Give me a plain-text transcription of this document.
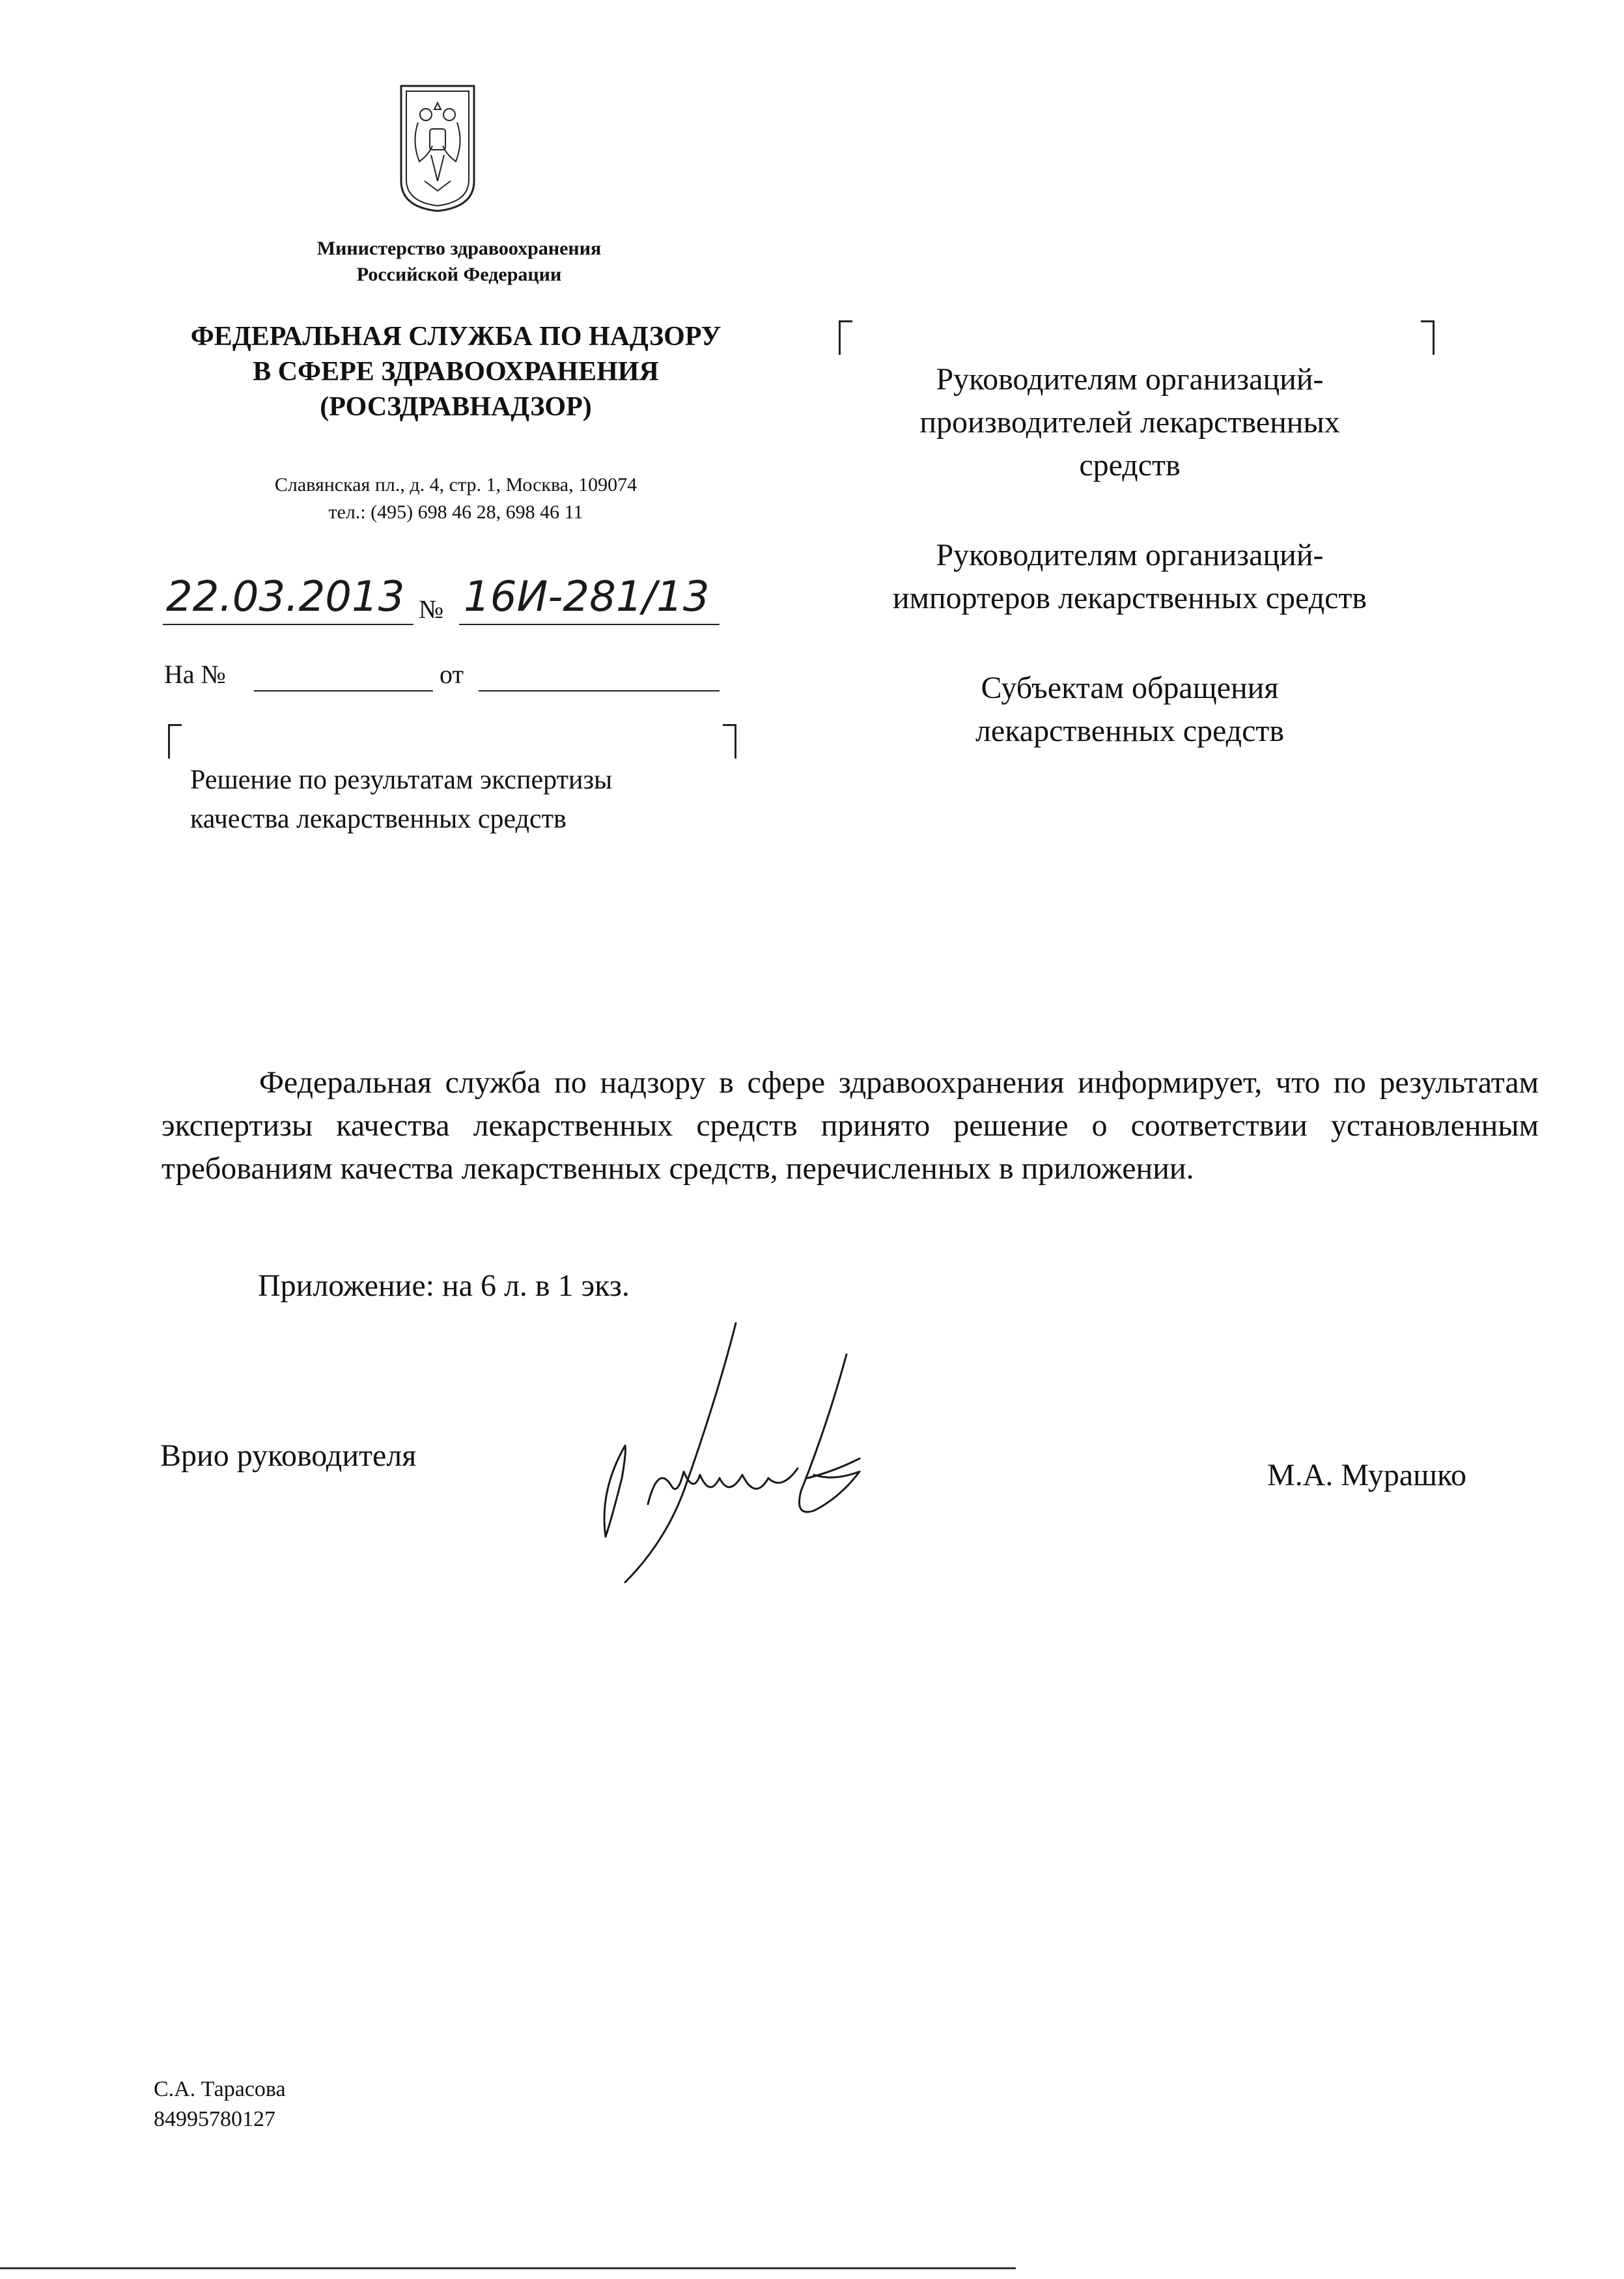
Министерство здравоохранения
Российской Федерации
ФЕДЕРАЛЬНАЯ СЛУЖБА ПО НАДЗОРУ
В СФЕРЕ ЗДРАВООХРАНЕНИЯ
(РОСЗДРАВНАДЗОР)
Славянская пл., д. 4, стр. 1, Москва, 109074
тел.: (495) 698 46 28, 698 46 11
22.03.2013 № 16И-281/13
На №	от
Решение по результатам экспертизы
качества лекарственных средств

Руководителям организаций-
производителей лекарственных
средств

Руководителям организаций-
импортеров лекарственных средств

Субъектам обращения
лекарственных средств

Федеральная служба по надзору в сфере здравоохранения информирует, что по результатам экспертизы качества лекарственных средств принято решение о соответствии установленным требованиям качества лекарственных средств, перечисленных в приложении.
Приложение: на 6 л. в 1 экз.
Врио руководителя
М.А. Мурашко
С.А. Тарасова
84995780127
